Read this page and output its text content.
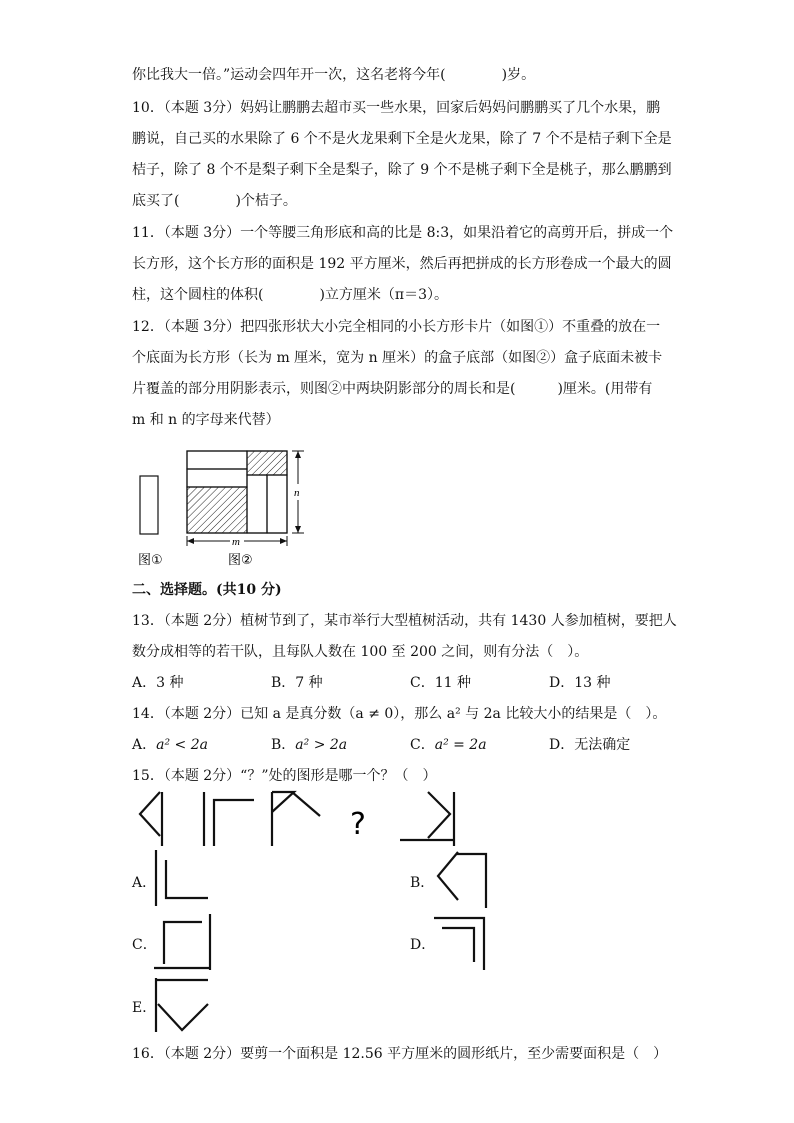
你比我大一倍。”运动会四年开一次，这名老将今年(　　　　)岁。
10．（本题 3分）妈妈让鹏鹏去超市买一些水果，回家后妈妈问鹏鹏买了几个水果，鹏
鹏说，自己买的水果除了 6 个不是火龙果剩下全是火龙果，除了 7 个不是桔子剩下全是
桔子，除了 8 个不是梨子剩下全是梨子，除了 9 个不是桃子剩下全是桃子，那么鹏鹏到
底买了(　　　　)个桔子。
11．（本题 3分）一个等腰三角形底和高的比是 8:3，如果沿着它的高剪开后，拼成一个
长方形，这个长方形的面积是 192 平方厘米，然后再把拼成的长方形卷成一个最大的圆
柱，这个圆柱的体积(　　　　)立方厘米（π＝3）。
12．（本题 3分）把四张形状大小完全相同的小长方形卡片（如图①）不重叠的放在一
个底面为长方形（长为 m 厘米，宽为 n 厘米）的盒子底部（如图②）盒子底面未被卡
片覆盖的部分用阴影表示，则图②中两块阴影部分的周长和是(　　　)厘米。(用带有
m 和 n 的字母来代替）
n
m
图①	图②
二、选择题。(共10 分)
13．（本题 2分）植树节到了，某市举行大型植树活动，共有 1430 人参加植树，要把人
数分成相等的若干队，且每队人数在 100 至 200 之间，则有分法（　）。
A．3 种	B．7 种	C．11 种	D．13 种
14．（本题 2分）已知 a 是真分数（a ≠ 0），那么 a² 与 2a 比较大小的结果是（　）。
A．a² < 2a	B．a² > 2a	C．a² = 2a	D．无法确定
15．（本题 2分）“？”处的图形是哪一个？（　）
?
A．	B．
C．	D．
E．
16．（本题 2分）要剪一个面积是 12.56 平方厘米的圆形纸片，至少需要面积是（　）
